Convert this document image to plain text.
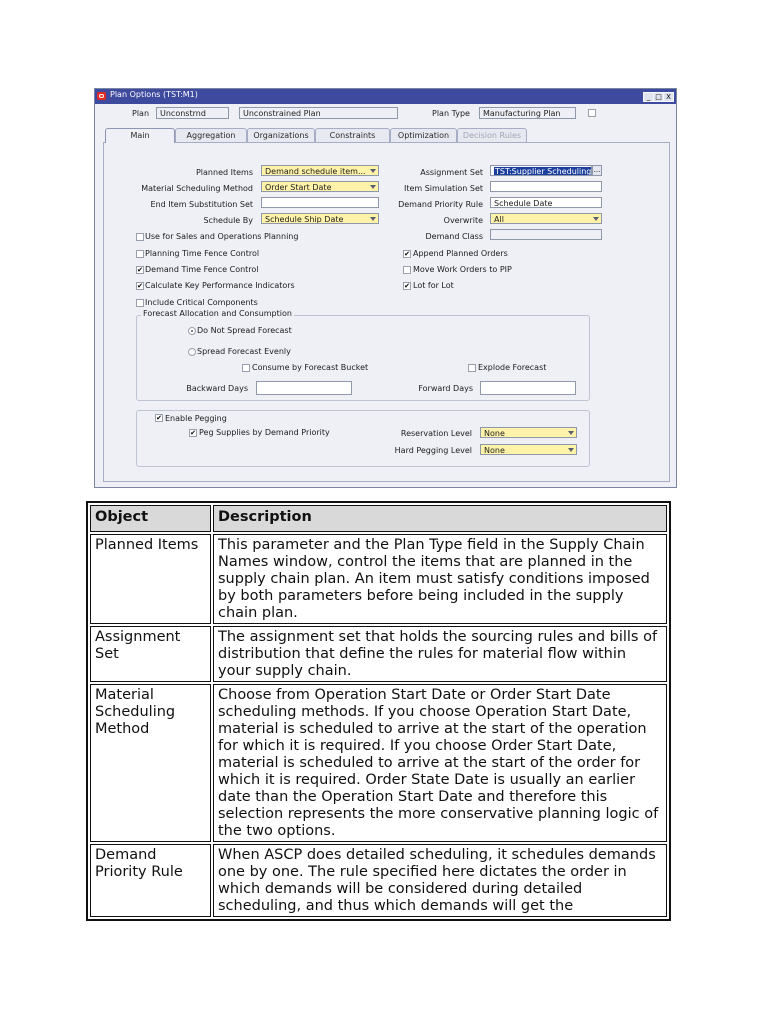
Plan Options (TST:M1)	_ □ X
Plan	Unconstrnd	Unconstrained Plan	Plan Type	Manufacturing Plan
Main	Aggregation	Organizations	Constraints	Optimization	Decision Rules
Planned Items	Demand schedule item...
Material Scheduling Method	Order Start Date
End Item Substitution Set
Schedule By	Schedule Ship Date
Assignment Set	TST:Supplier Scheduling ...
Item Simulation Set
Demand Priority Rule	Schedule Date
Overwrite	All
Demand Class
Use for Sales and Operations Planning
Planning Time Fence Control
✔ Demand Time Fence Control
✔ Calculate Key Performance Indicators
Include Critical Components
✔ Append Planned Orders
Move Work Orders to PIP
✔ Lot for Lot
Forecast Allocation and Consumption
Do Not Spread Forecast
Spread Forecast Evenly
Consume by Forecast Bucket	Explode Forecast
Backward Days	Forward Days
✔ Enable Pegging
✔ Peg Supplies by Demand Priority	Reservation Level	None
Hard Pegging Level	None
Object	Description
Planned Items	This parameter and the Plan Type field in the Supply Chain Names window, control the items that are planned in the supply chain plan. An item must satisfy conditions imposed by both parameters before being included in the supply chain plan.
Assignment Set	The assignment set that holds the sourcing rules and bills of distribution that define the rules for material flow within your supply chain.
Material Scheduling Method	Choose from Operation Start Date or Order Start Date scheduling methods. If you choose Operation Start Date, material is scheduled to arrive at the start of the operation for which it is required. If you choose Order Start Date, material is scheduled to arrive at the start of the order for which it is required. Order State Date is usually an earlier date than the Operation Start Date and therefore this selection represents the more conservative planning logic of the two options.
Demand Priority Rule	When ASCP does detailed scheduling, it schedules demands one by one. The rule specified here dictates the order in which demands will be considered during detailed scheduling, and thus which demands will get the
